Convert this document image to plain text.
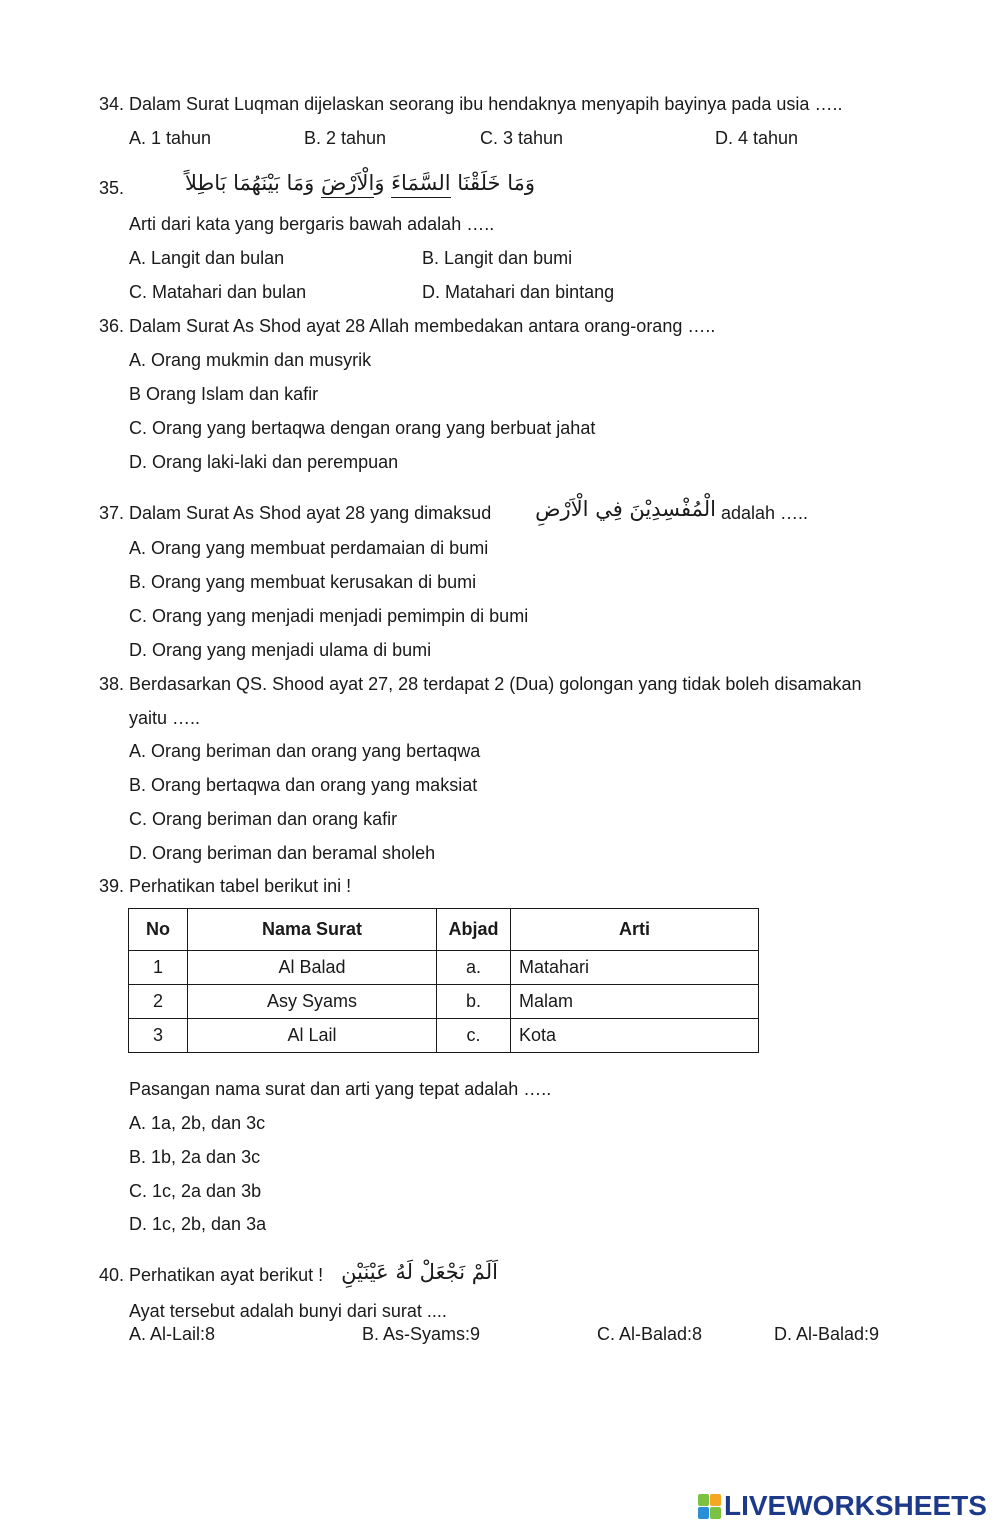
34. Dalam Surat Luqman dijelaskan seorang ibu hendaknya menyapih bayinya pada usia …..
A. 1 tahun	B. 2 tahun	C. 3 tahun	D. 4 tahun
35.	وَمَا خَلَقْنَا السَّمَاءَ وَالْاَرْضَ وَمَا بَيْنَهُمَا بَاطِلاً
Arti dari kata yang bergaris bawah adalah …..
A. Langit dan bulan	B. Langit dan bumi
C. Matahari dan bulan	D. Matahari dan bintang
36. Dalam Surat As Shod ayat 28 Allah membedakan antara orang-orang …..
A. Orang mukmin dan musyrik
B Orang Islam dan kafir
C. Orang yang bertaqwa dengan orang yang berbuat jahat
D. Orang laki-laki dan perempuan
37. Dalam Surat As Shod ayat 28 yang dimaksud	الْمُفْسِدِيْنَ فِي الْاَرْضِ adalah …..
A. Orang yang membuat perdamaian di bumi
B. Orang yang membuat kerusakan di bumi
C. Orang yang menjadi menjadi pemimpin di bumi
D. Orang yang menjadi ulama di bumi
38. Berdasarkan QS. Shood ayat 27, 28 terdapat 2 (Dua) golongan yang tidak boleh disamakan
yaitu …..
A. Orang beriman dan orang yang bertaqwa
B. Orang bertaqwa dan orang yang maksiat
C. Orang beriman dan orang kafir
D. Orang beriman dan beramal sholeh
39. Perhatikan tabel berikut ini !
No	Nama Surat	Abjad	Arti
1	Al Balad	a.	Matahari
2	Asy Syams	b.	Malam
3	Al Lail	c.	Kota
Pasangan nama surat dan arti yang tepat adalah …..
A. 1a, 2b, dan 3c
B. 1b, 2a dan 3c
C. 1c, 2a dan 3b
D. 1c, 2b, dan 3a
40. Perhatikan ayat berikut ! اَلَمْ نَجْعَلْ لَهُ عَيْنَيْنِ
Ayat tersebut adalah bunyi dari surat ....
A. Al-Lail:8	B. As-Syams:9	C. Al-Balad:8	D. Al-Balad:9
LIVEWORKSHEETS
